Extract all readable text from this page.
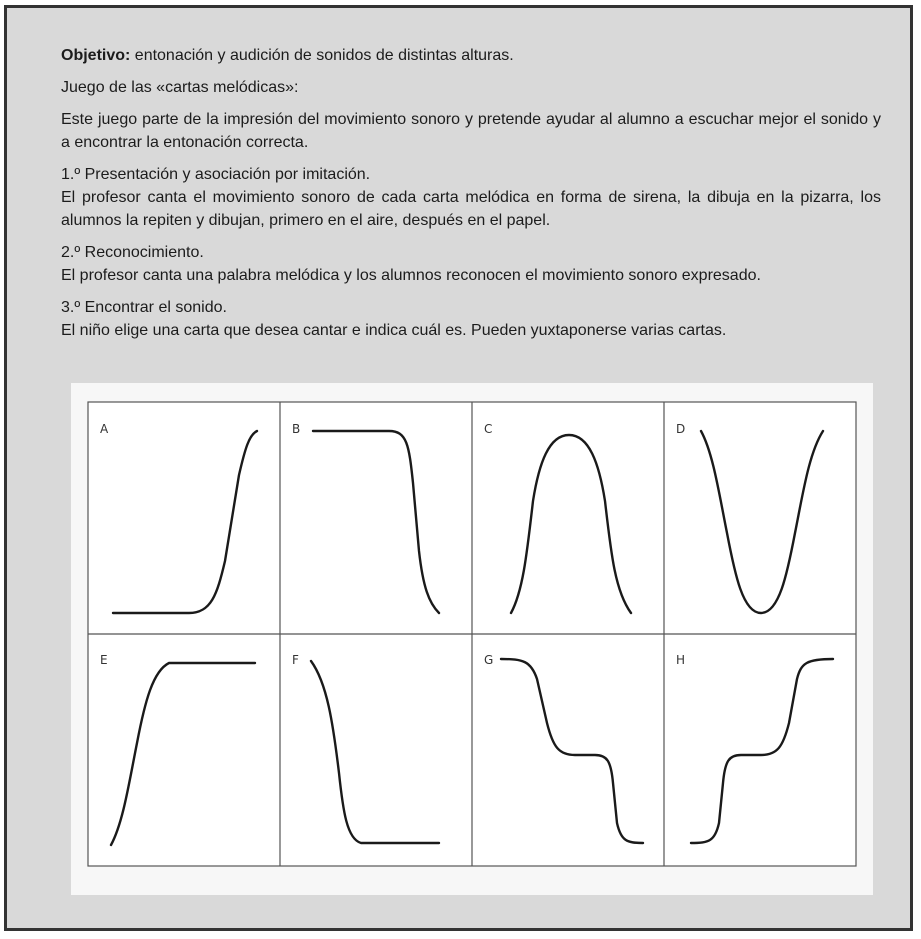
Objetivo: entonación y audición de sonidos de distintas alturas.

Juego de las «cartas melódicas»:

Este juego parte de la impresión del movimiento sonoro y pretende ayudar al alumno a escuchar mejor el sonido y a encontrar la entonación correcta.

1.º Presentación y asociación por imitación.

El profesor canta el movimiento sonoro de cada carta melódica en forma de sirena, la dibuja en la pizarra, los alumnos la repiten y dibujan, primero en el aire, después en el papel.

2.º Reconocimiento.

El profesor canta una palabra melódica y los alumnos reconocen el movimiento sonoro expresado.

3.º Encontrar el sonido.

El niño elige una carta que desea cantar e indica cuál es. Pueden yuxtaponerse varias cartas.

A	B	C	D
E	F	G	H
